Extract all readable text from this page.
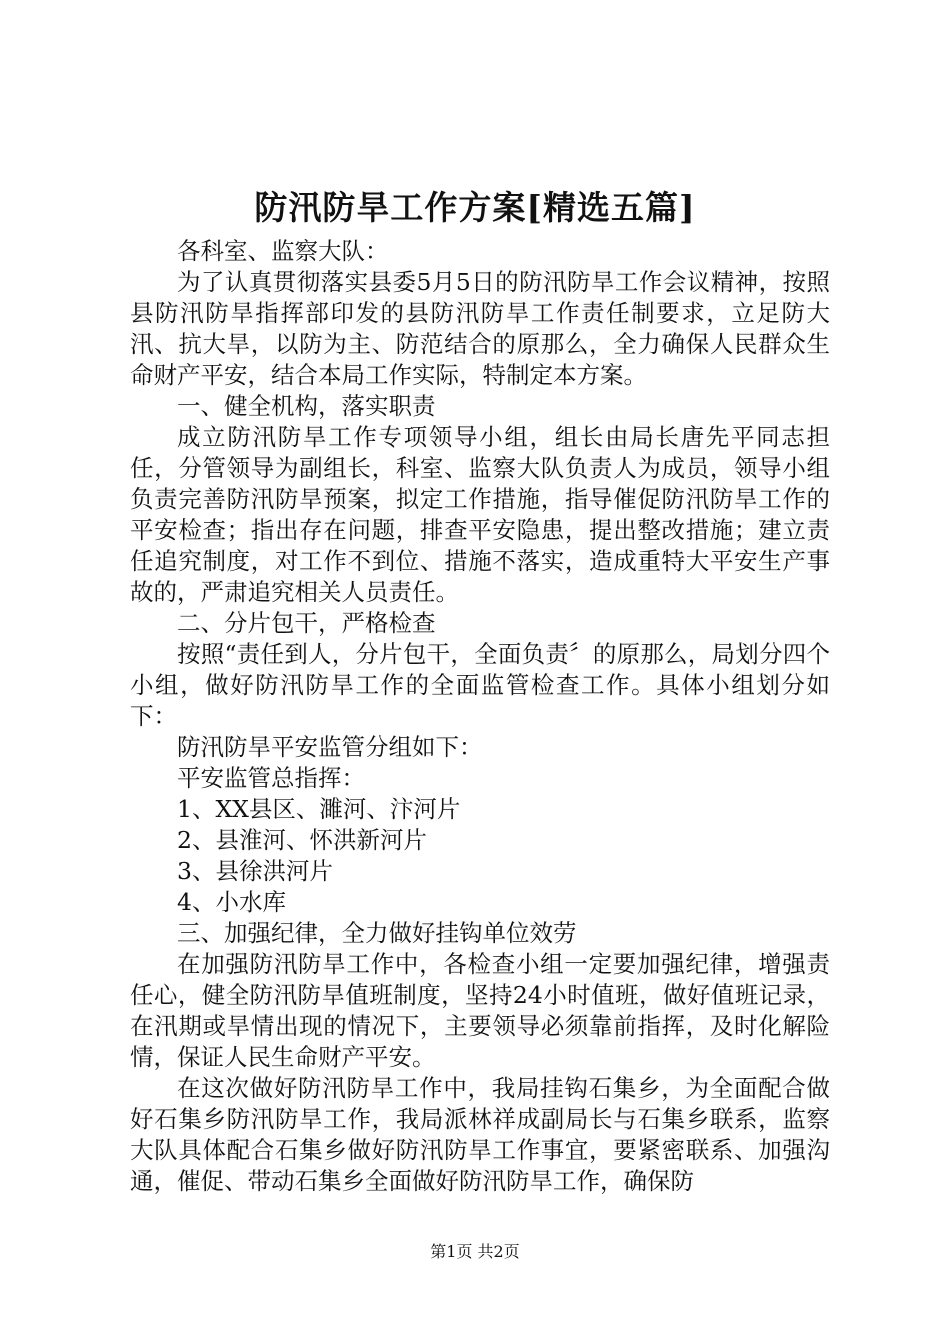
防汛防旱工作方案[精选五篇]

各科室、监察大队：

为了认真贯彻落实县委5月5日的防汛防旱工作会议精神，按照县防汛防旱指挥部印发的县防汛防旱工作责任制要求，立足防大汛、抗大旱，以防为主、防范结合的原那么，全力确保人民群众生命财产平安，结合本局工作实际，特制定本方案。

一、健全机构，落实职责

成立防汛防旱工作专项领导小组，组长由局长唐先平同志担任，分管领导为副组长，科室、监察大队负责人为成员，领导小组负责完善防汛防旱预案，拟定工作措施，指导催促防汛防旱工作的平安检查；指出存在问题，排查平安隐患，提出整改措施；建立责任追究制度，对工作不到位、措施不落实，造成重特大平安生产事故的，严肃追究相关人员责任。

二、分片包干，严格检查

按照“责任到人，分片包干，全面负责〞的原那么，局划分四个小组，做好防汛防旱工作的全面监管检查工作。具体小组划分如下：

防汛防旱平安监管分组如下：

平安监管总指挥：

1、XX县区、濉河、汴河片

2、县淮河、怀洪新河片

3、县徐洪河片

4、小水库

三、加强纪律，全力做好挂钩单位效劳

在加强防汛防旱工作中，各检查小组一定要加强纪律，增强责任心，健全防汛防旱值班制度，坚持24小时值班，做好值班记录，在汛期或旱情出现的情况下，主要领导必须靠前指挥，及时化解险情，保证人民生命财产平安。

在这次做好防汛防旱工作中，我局挂钩石集乡，为全面配合做好石集乡防汛防旱工作，我局派林祥成副局长与石集乡联系，监察大队具体配合石集乡做好防汛防旱工作事宜，要紧密联系、加强沟通，催促、带动石集乡全面做好防汛防旱工作，确保防

第1页 共2页
